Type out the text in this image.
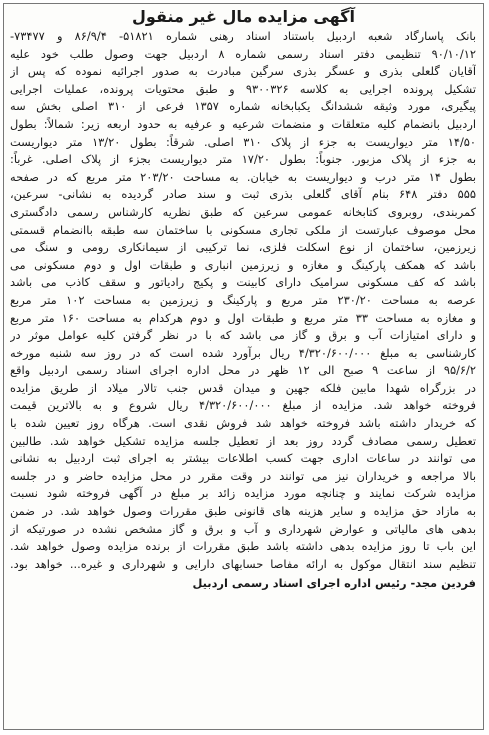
آگهی مزایده مال غیر منقول
بانک پاسارگاد شعبه اردبیل باستناد اسناد رهنی شماره ۵۱۸۲۱- ۸۶/۹/۴ و ۷۳۴۷۷-
۹۰/۱۰/۱۲ تنظیمی دفتر اسناد رسمی شماره ۸ اردبیل جهت وصول طلب خود علیه
آقایان گلعلی بذری و عسگر بذری سرگین مبادرت به صدور اجرائیه نموده که پس از
تشکیل پرونده اجرایی به کلاسه ۹۳۰۰۳۲۶ و طبق محتویات پرونده، عملیات اجرایی
پیگیری، مورد وثیقه ششدانگ یکبابخانه شماره ۱۳۵۷ فرعی از ۳۱۰ اصلی بخش سه
اردبیل بانضمام کلیه متعلقات و منضمات شرعیه و عرفیه به حدود اربعه زیر: شمالاً: بطول
۱۴/۵۰ متر دیواریست به جزء از پلاک ۳۱۰ اصلی. شرقاً: بطول ۱۳/۲۰ متر دیواریست
به جزء از پلاک مزبور. جنوباً: بطول ۱۷/۲۰ متر دیواریست بجزء از پلاک اصلی. غرباً:
بطول ۱۴ متر درب و دیواریست به خیابان. به مساحت ۲۰۳/۲۰ متر مربع که در صفحه
۵۵۵ دفتر ۶۴۸ بنام آقای گلعلی بذری ثبت و سند صادر گردیده به نشانی- سرعین،
کمربندی، روبروی کتابخانه عمومی سرعین که طبق نظریه کارشناس رسمی دادگستری
محل موصوف عبارتست از ملکی تجاری مسکونی با ساختمان سه طبقه باانضمام قسمتی
زیرزمین، ساختمان از نوع اسکلت فلزی، نما ترکیبی از سیمانکاری رومی و سنگ می
باشد که همکف پارکینگ و مغازه و زیرزمین انباری و طبقات اول و دوم مسکونی می
باشد که کف مسکونی سرامیک دارای کابینت و پکیج رادیاتور و سقف کاذب می باشد
عرصه به مساحت ۲۳۰/۲۰ متر مربع و پارکینگ و زیرزمین به مساحت ۱۰۲ متر مربع
و مغازه به مساحت ۳۳ متر مربع و طبقات اول و دوم هرکدام به مساحت ۱۶۰ متر مربع
و دارای امتیازات آب و برق و گاز می باشد که با در نظر گرفتن کلیه عوامل موثر در
کارشناسی به مبلغ ۴/۳۲۰/۶۰۰/۰۰۰ ریال برآورد شده است که در روز سه شنبه مورخه
۹۵/۶/۲ از ساعت ۹ صبح الی ۱۲ ظهر در محل اداره اجرای اسناد رسمی اردبیل واقع
در بزرگراه شهدا مابین فلکه جهین و میدان قدس جنب تالار میلاد از طریق مزایده
فروخته خواهد شد. مزایده از مبلغ ۴/۳۲۰/۶۰۰/۰۰۰ ریال شروع و به بالاترین قیمت
که خریدار داشته باشد فروخته خواهد شد فروش نقدی است. هرگاه روز تعیین شده با
تعطیل رسمی مصادف گردد روز بعد از تعطیل جلسه مزایده تشکیل خواهد شد. طالبین
می توانند در ساعات اداری جهت کسب اطلاعات بیشتر به اجرای ثبت اردبیل به نشانی
بالا مراجعه و خریداران نیز می توانند در وقت مقرر در محل مزایده حاضر و در جلسه
مزایده شرکت نمایند و چنانچه مورد مزایده زائد بر مبلغ در آگهی فروخته شود نسبت
به مازاد حق مزایده و سایر هزینه های قانونی طبق مقررات وصول خواهد شد. در ضمن
بدهی های مالیاتی و عوارض شهرداری و آب و برق و گاز مشخص نشده در صورتیکه از
این باب تا روز مزایده بدهی داشته باشد طبق مقررات از برنده مزایده وصول خواهد شد.
تنظیم سند انتقال موکول به ارائه مفاصا حسابهای دارایی و شهرداری و غیره... خواهد بود.
فردین مجد- رئیس اداره اجرای اسناد رسمی اردبیل
